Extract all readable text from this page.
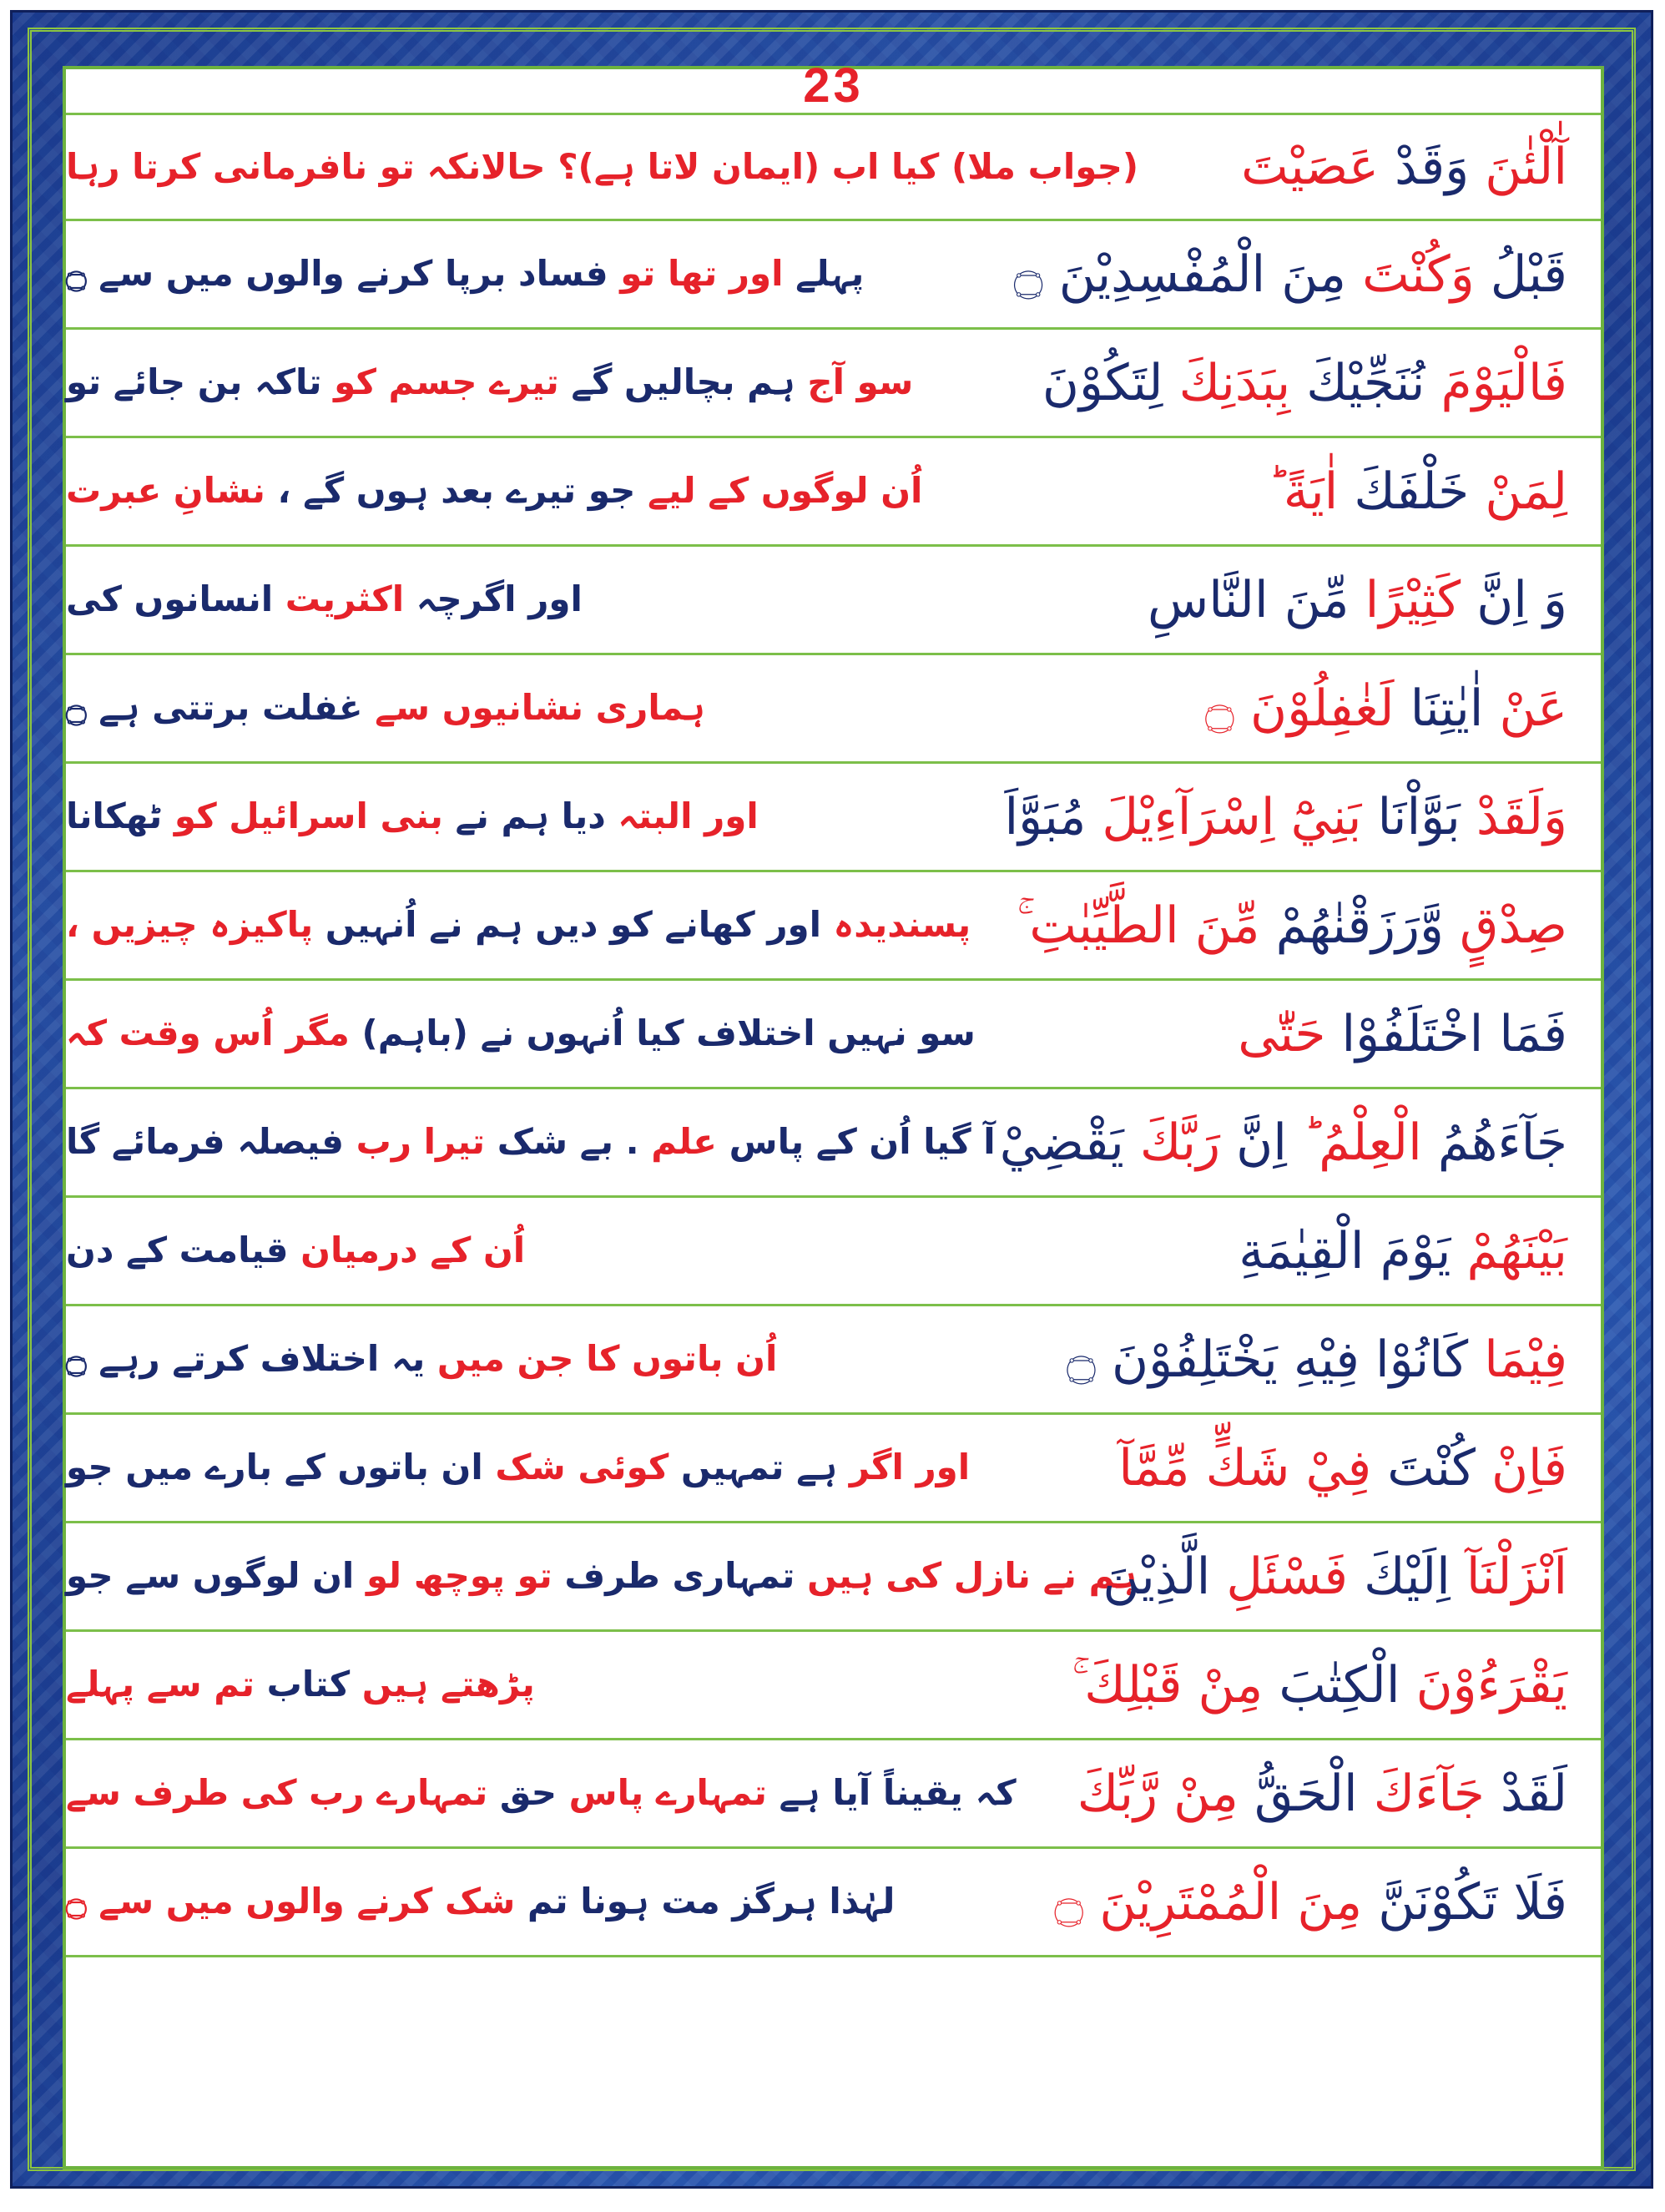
23
(جواب ملا) کیا اب (ایمان لاتا ہے)؟ حالانکہ تو نافرمانی کرتا رہا	آٰلْئٰنَ وَقَدْ عَصَيْتَ
پہلے اور تھا تو فساد برپا کرنے والوں میں سے ۝	قَبْلُ وَكُنْتَ مِنَ الْمُفْسِدِيْنَ ۝
سو آج ہم بچالیں گے تیرے جسم کو تاکہ بن جائے تو	فَالْيَوْمَ نُنَجِّيْكَ بِبَدَنِكَ لِتَكُوْنَ
اُن لوگوں کے لیے جو تیرے بعد ہوں گے ، نشانِ عبرت	لِمَنْ خَلْفَكَ اٰيَةً ؕ
اور اگرچہ اکثریت انسانوں کی	وَ اِنَّ كَثِيْرًا مِّنَ النَّاسِ
ہماری نشانیوں سے غفلت برتتی ہے ۝	عَنْ اٰيٰتِنَا لَغٰفِلُوْنَ ۝
اور البتہ دیا ہم نے بنی اسرائیل کو ٹھکانا	وَلَقَدْ بَوَّاْنَا بَنِيْٓ اِسْرَآءِيْلَ مُبَوَّاَ
پسندیدہ اور کھانے کو دیں ہم نے اُنہیں پاکیزہ چیزیں ،	صِدْقٍ وَّرَزَقْنٰهُمْ مِّنَ الطَّيِّبٰتِ ۚ
سو نہیں اختلاف کیا اُنہوں نے (باہم) مگر اُس وقت کہ	فَمَا اخْتَلَفُوْا حَتّٰى
آ گیا اُن کے پاس علم . بے شک تیرا رب فیصلہ فرمائے گا	جَآءَهُمُ الْعِلْمُ ؕ اِنَّ رَبَّكَ يَقْضِيْ
اُن کے درمیان قیامت کے دن	بَيْنَهُمْ يَوْمَ الْقِيٰمَةِ
اُن باتوں کا جن میں یہ اختلاف کرتے رہے ۝	فِيْمَا كَانُوْا فِيْهِ يَخْتَلِفُوْنَ ۝
اور اگر ہے تمہیں کوئی شک ان باتوں کے بارے میں جو	فَاِنْ كُنْتَ فِيْ شَكٍّ مِّمَّآ
ہم نے نازل کی ہیں تمہاری طرف تو پوچھ لو ان لوگوں سے جو	اَنْزَلْنَآ اِلَيْكَ فَسْئَلِ الَّذِيْنَ
پڑھتے ہیں کتاب تم سے پہلے	يَقْرَءُوْنَ الْكِتٰبَ مِنْ قَبْلِكَ ۚ
کہ یقیناً آیا ہے تمہارے پاس حق تمہارے رب کی طرف سے	لَقَدْ جَآءَكَ الْحَقُّ مِنْ رَّبِّكَ
لہٰذا ہرگز مت ہونا تم شک کرنے والوں میں سے ۝	فَلَا تَكُوْنَنَّ مِنَ الْمُمْتَرِيْنَ ۝
